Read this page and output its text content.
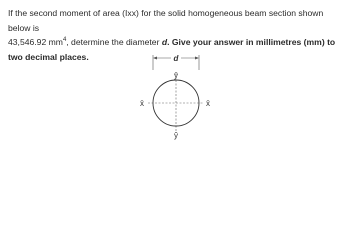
If the second moment of area (Ixx) for the solid homogeneous beam section shown below is
43,546.92 $mm^4$, determine the diameter d. Give your answer in millimetres (mm) to two decimal places.	d
ȳ
ȳ
x̄	x̄
